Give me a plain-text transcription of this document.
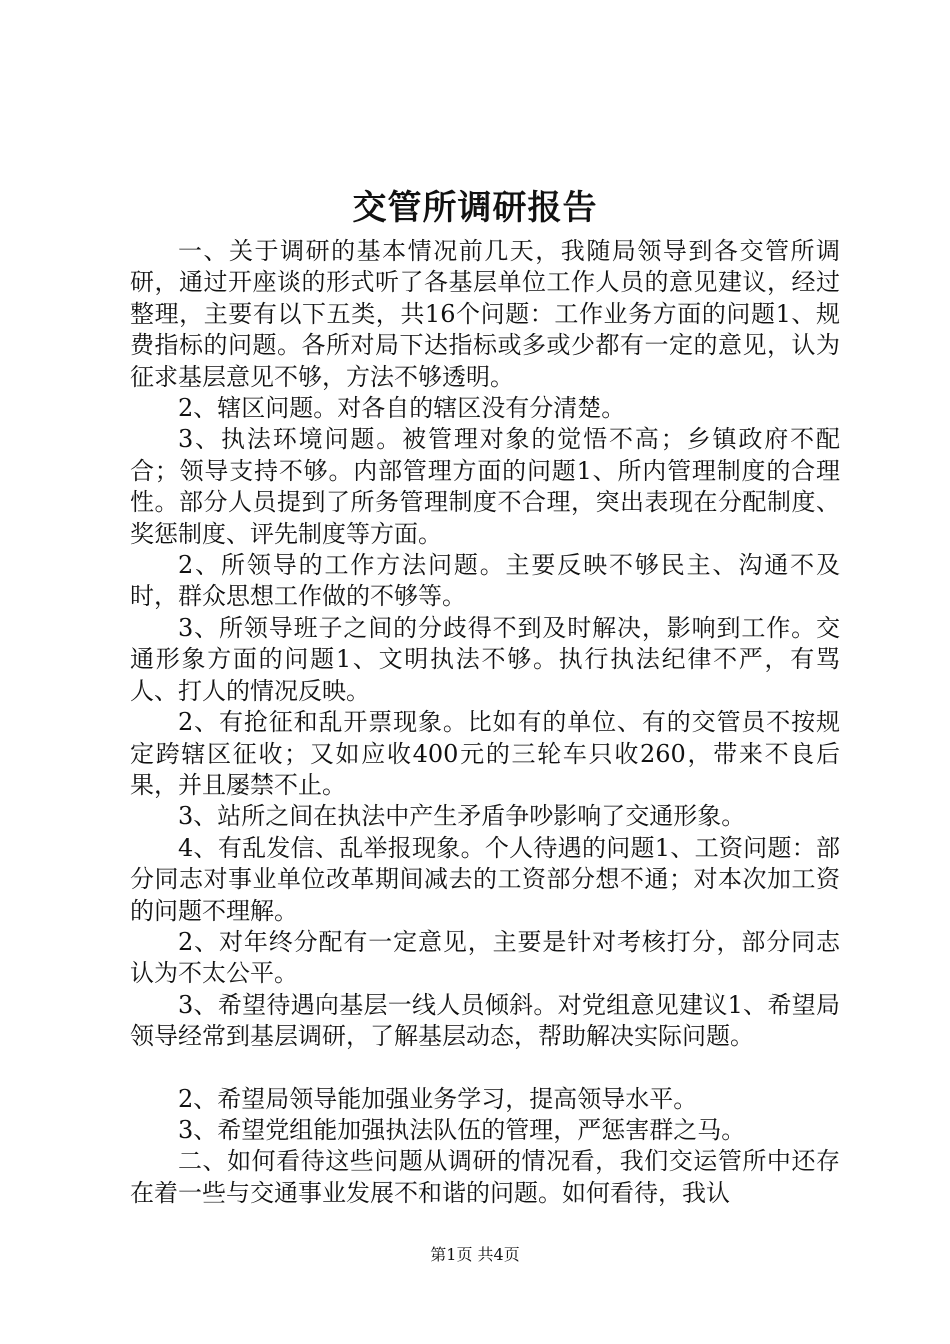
交管所调研报告

一、关于调研的基本情况前几天，我随局领导到各交管所调研，通过开座谈的形式听了各基层单位工作人员的意见建议，经过整理，主要有以下五类，共16个问题：工作业务方面的问题1、规费指标的问题。各所对局下达指标或多或少都有一定的意见，认为征求基层意见不够，方法不够透明。

2、辖区问题。对各自的辖区没有分清楚。

3、执法环境问题。被管理对象的觉悟不高；乡镇政府不配合；领导支持不够。内部管理方面的问题1、所内管理制度的合理性。部分人员提到了所务管理制度不合理，突出表现在分配制度、奖惩制度、评先制度等方面。

2、所领导的工作方法问题。主要反映不够民主、沟通不及时，群众思想工作做的不够等。

3、所领导班子之间的分歧得不到及时解决，影响到工作。交通形象方面的问题1、文明执法不够。执行执法纪律不严，有骂人、打人的情况反映。

2、有抢征和乱开票现象。比如有的单位、有的交管员不按规定跨辖区征收；又如应收400元的三轮车只收260，带来不良后果，并且屡禁不止。

3、站所之间在执法中产生矛盾争吵影响了交通形象。

4、有乱发信、乱举报现象。个人待遇的问题1、工资问题：部分同志对事业单位改革期间减去的工资部分想不通；对本次加工资的问题不理解。

2、对年终分配有一定意见，主要是针对考核打分，部分同志认为不太公平。

3、希望待遇向基层一线人员倾斜。对党组意见建议1、希望局领导经常到基层调研，了解基层动态，帮助解决实际问题。

2、希望局领导能加强业务学习，提高领导水平。

3、希望党组能加强执法队伍的管理，严惩害群之马。

二、如何看待这些问题从调研的情况看，我们交运管所中还存在着一些与交通事业发展不和谐的问题。如何看待，我认

第1页 共4页
